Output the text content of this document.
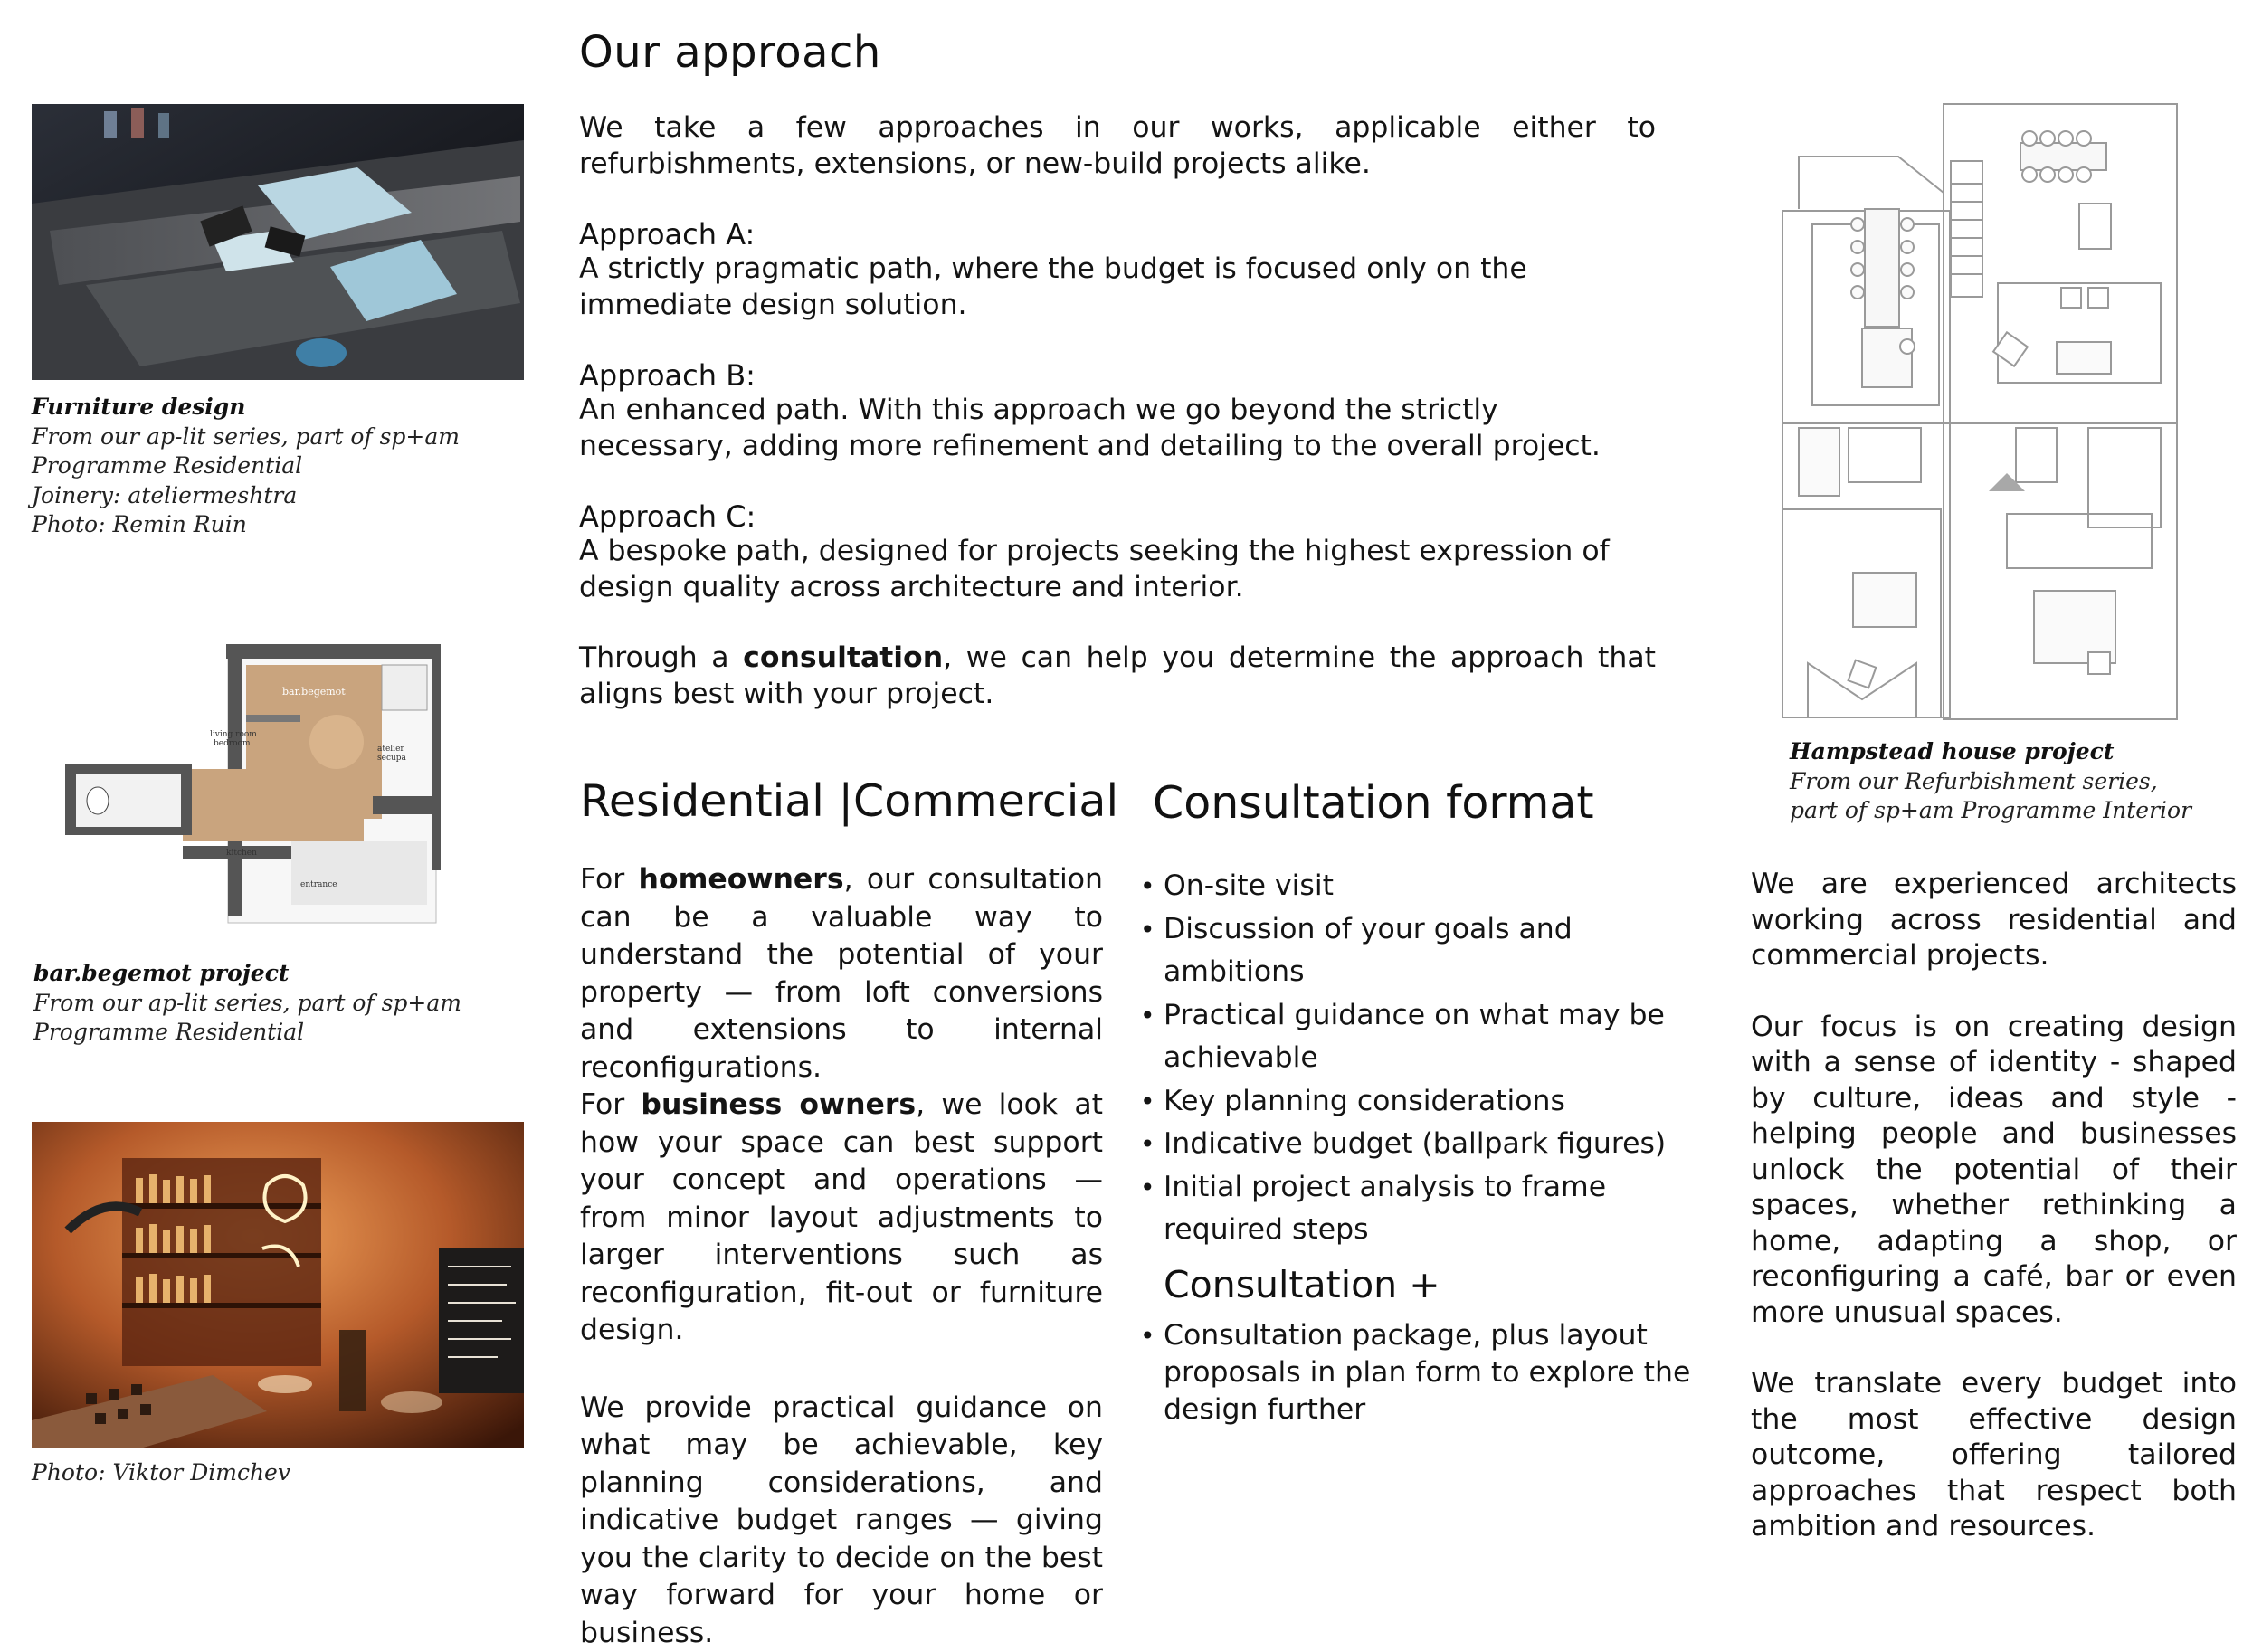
Furniture design
From our ap-lit series, part of sp+am
Programme Residential
Joinery: ateliermeshtra
Photo: Remin Ruin
bar.begemot
living room
bedroom
atelier
secupa
kitchen
entrance
bar.begemot project
From our ap-lit series, part of sp+am
Programme Residential
Photo: Viktor Dimchev
Our approach
We take a few approaches in our works, applicable either to refurbishments, extensions, or new-build projects alike.
Approach A:
A strictly pragmatic path, where the budget is focused only on the immediate design solution.
Approach B:
An enhanced path. With this approach we go beyond the strictly necessary, adding more refinement and detailing to the overall project.
Approach C:
A bespoke path, designed for projects seeking the highest expression of design quality across architecture and interior.
Through a consultation, we can help you determine the approach that aligns best with your project.
Residential |Commercial
For homeowners, our consultation can be a valuable way to understand the potential of your property — from loft conversions and extensions to internal reconfigurations.
For business owners, we look at how your space can best support your concept and operations — from minor layout adjustments to larger interventions such as reconfiguration, fit-out or furniture design.
We provide practical guidance on what may be achievable, key planning considerations, and indicative budget ranges — giving you the clarity to decide on the best way forward for your home or business.
Consultation format
• On-site visit
• Discussion of your goals and ambitions
• Practical guidance on what may be achievable
• Key planning considerations
• Indicative budget (ballpark figures)
• Initial project analysis to frame required steps
Consultation +
• Consultation package, plus layout proposals in plan form to explore the design further
Hampstead house project
From our Refurbishment series,
part of sp+am Programme Interior
We are experienced architects working across residential and commercial projects.
Our focus is on creating design with a sense of identity - shaped by culture, ideas and style - helping people and businesses unlock the potential of their spaces, whether rethinking a home, adapting a shop, or reconfiguring a café, bar or even more unusual spaces.
We translate every budget into the most effective design outcome, offering tailored approaches that respect both ambition and resources.
